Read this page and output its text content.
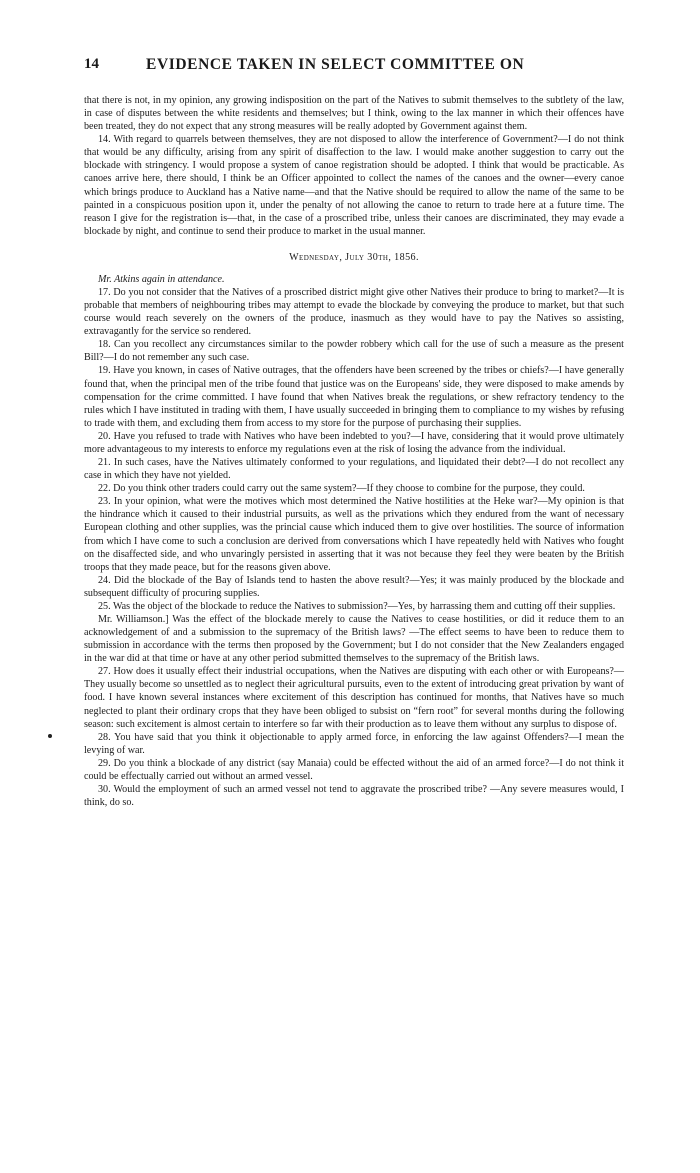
14	EVIDENCE TAKEN IN SELECT COMMITTEE ON

that there is not, in my opinion, any growing indisposition on the part of the Natives to submit themselves to the subtlety of the law, in case of disputes between the white residents and themselves; but I think, owing to the lax manner in which their offences have been treated, they do not expect that any strong measures will be really adopted by Government against them.

14. With regard to quarrels between themselves, they are not disposed to allow the interference of Government?—I do not think that would be any difficulty, arising from any spirit of disaffection to the law. I would make another suggestion to carry out the blockade with stringency. I would propose a system of canoe registration should be adopted. I think that would be practicable. As canoes arrive here, there should, I think be an Officer appointed to collect the names of the canoes and the owner—every canoe which brings produce to Auckland has a Native name—and that the Native should be required to allow the name of the same to be painted in a conspicuous position upon it, under the penalty of not allowing the canoe to return to trade here at a future time. The reason I give for the registration is—that, in the case of a proscribed tribe, unless their canoes are discriminated, they may evade a blockade by night, and continue to send their produce to market in the usual manner.

Wednesday, July 30th, 1856.

Mr. Atkins again in attendance.

17. Do you not consider that the Natives of a proscribed district might give other Natives their produce to bring to market?—It is probable that members of neighbouring tribes may attempt to evade the blockade by conveying the produce to market, but that such course would reach severely on the owners of the produce, inasmuch as they would have to pay the Natives so assisting, extravagantly for the service so rendered.

18. Can you recollect any circumstances similar to the powder robbery which call for the use of such a measure as the present Bill?—I do not remember any such case.

19. Have you known, in cases of Native outrages, that the offenders have been screened by the tribes or chiefs?—I have generally found that, when the principal men of the tribe found that justice was on the Europeans' side, they were disposed to make amends by compensation for the crime committed. I have found that when Natives break the regulations, or shew refractory tendency to the rules which I have instituted in trading with them, I have usually succeeded in bringing them to compliance to my wishes by refusing to trade with them, and excluding them from access to my store for the purpose of purchasing their supplies.

20. Have you refused to trade with Natives who have been indebted to you?—I have, considering that it would prove ultimately more advantageous to my interests to enforce my regulations even at the risk of losing the advance from the individual.

21. In such cases, have the Natives ultimately conformed to your regulations, and liquidated their debt?—I do not recollect any case in which they have not yielded.

22. Do you think other traders could carry out the same system?—If they choose to combine for the purpose, they could.

23. In your opinion, what were the motives which most determined the Native hostilities at the Heke war?—My opinion is that the hindrance which it caused to their industrial pursuits, as well as the privations which they endured from the want of necessary European clothing and other supplies, was the princial cause which induced them to give over hostilities. The source of information from which I have come to such a conclusion are derived from conversations which I have repeatedly held with Natives who fought on the disaffected side, and who unvaringly persisted in asserting that it was not because they feel they were beaten by the British troops that they made peace, but for the reasons given above.

24. Did the blockade of the Bay of Islands tend to hasten the above result?—Yes; it was mainly produced by the blockade and subsequent difficulty of procuring supplies.

25. Was the object of the blockade to reduce the Natives to submission?—Yes, by harrassing them and cutting off their supplies.

Mr. Williamson.] Was the effect of the blockade merely to cause the Natives to cease hostilities, or did it reduce them to an acknowledgement of and a submission to the supremacy of the British laws? —The effect seems to have been to reduce them to submission in accordance with the terms then proposed by the Government; but I do not consider that the New Zealanders engaged in the war did at that time or have at any other period submitted themselves to the supremacy of the British laws.

27. How does it usually effect their industrial occupations, when the Natives are disputing with each other or with Europeans?—They usually become so unsettled as to neglect their agricultural pursuits, even to the extent of introducing great privation by want of food. I have known several instances where excitement of this description has continued for months, that Natives have so much neglected to plant their ordinary crops that they have been obliged to subsist on “fern root” for several months during the following season: such excitement is almost certain to interfere so far with their production as to leave them without any surplus to dispose of.

28. You have said that you think it objectionable to apply armed force, in enforcing the law against Offenders?—I mean the levying of war.

29. Do you think a blockade of any district (say Manaia) could be effected without the aid of an armed force?—I do not think it could be effectually carried out without an armed vessel.

30. Would the employment of such an armed vessel not tend to aggravate the proscribed tribe? —Any severe measures would, I think, do so.
